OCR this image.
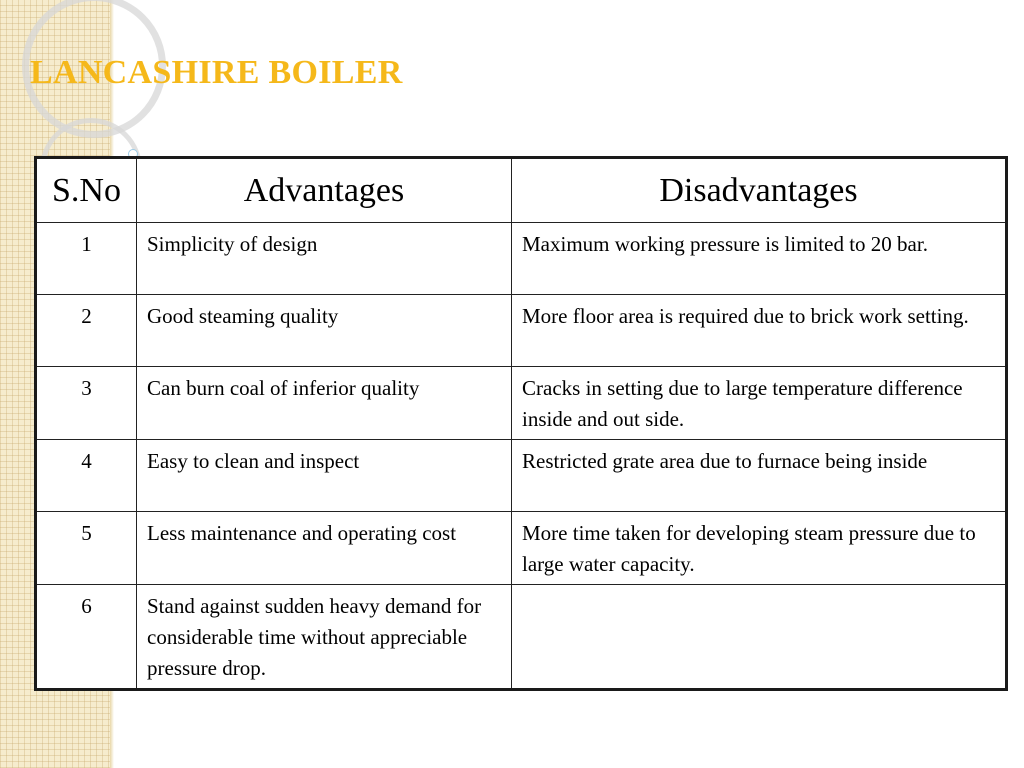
LANCASHIRE BOILER
S.No	Advantages	Disadvantages
1	Simplicity of design	Maximum working pressure is limited to 20 bar.
2	Good steaming quality	More floor area is required due to brick work setting.
3	Can burn coal of inferior quality	Cracks in setting due to large temperature difference inside and out side.
4	Easy to clean and inspect	Restricted grate area due to furnace being inside
5	Less maintenance and operating cost	More time taken for developing steam pressure due to large water capacity.
6	Stand against sudden heavy demand for considerable time without appreciable pressure drop.	
